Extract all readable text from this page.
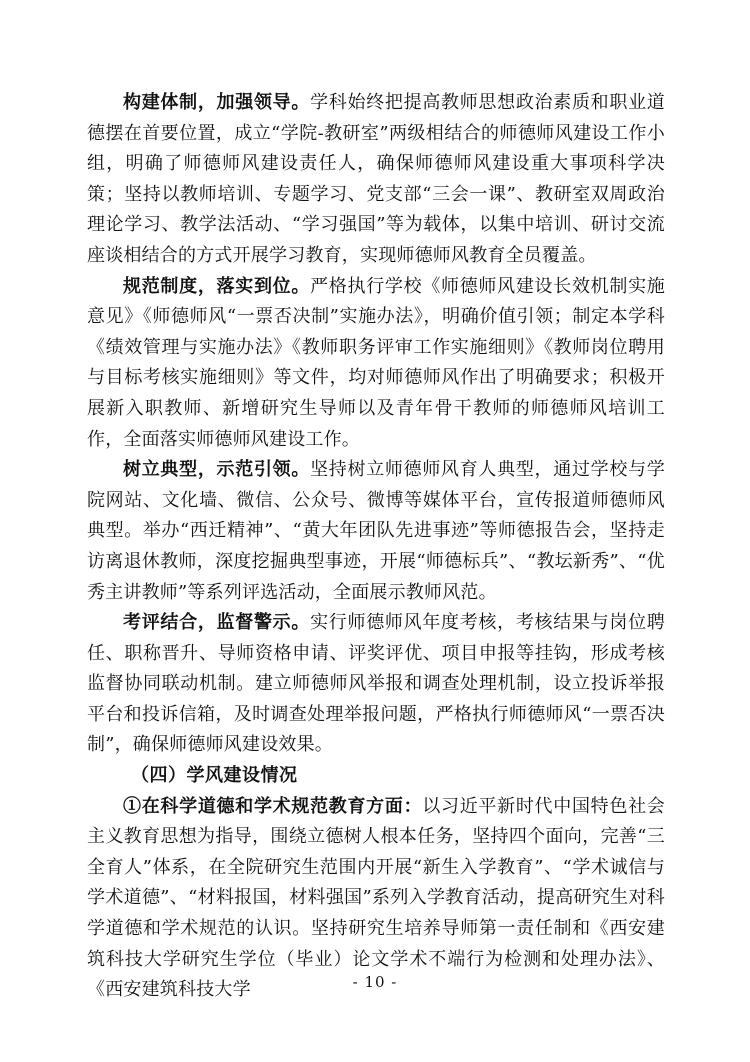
构建体制，加强领导。学科始终把提高教师思想政治素质和职业道德摆在首要位置，成立“学院-教研室”两级相结合的师德师风建设工作小组，明确了师德师风建设责任人，确保师德师风建设重大事项科学决策；坚持以教师培训、专题学习、党支部“三会一课”、教研室双周政治理论学习、教学法活动、“学习强国”等为载体，以集中培训、研讨交流座谈相结合的方式开展学习教育，实现师德师风教育全员覆盖。

规范制度，落实到位。严格执行学校《师德师风建设长效机制实施意见》《师德师风“一票否决制”实施办法》，明确价值引领；制定本学科《绩效管理与实施办法》《教师职务评审工作实施细则》《教师岗位聘用与目标考核实施细则》等文件，均对师德师风作出了明确要求；积极开展新入职教师、新增研究生导师以及青年骨干教师的师德师风培训工作，全面落实师德师风建设工作。

树立典型，示范引领。坚持树立师德师风育人典型，通过学校与学院网站、文化墙、微信、公众号、微博等媒体平台，宣传报道师德师风典型。举办“西迁精神”、“黄大年团队先进事迹”等师德报告会，坚持走访离退休教师，深度挖掘典型事迹，开展“师德标兵”、“教坛新秀”、“优秀主讲教师”等系列评选活动，全面展示教师风范。

考评结合，监督警示。实行师德师风年度考核，考核结果与岗位聘任、职称晋升、导师资格申请、评奖评优、项目申报等挂钩，形成考核监督协同联动机制。建立师德师风举报和调查处理机制，设立投诉举报平台和投诉信箱，及时调查处理举报问题，严格执行师德师风“一票否决制”，确保师德师风建设效果。

（四）学风建设情况

①在科学道德和学术规范教育方面：以习近平新时代中国特色社会主义教育思想为指导，围绕立德树人根本任务，坚持四个面向，完善“三全育人”体系，在全院研究生范围内开展“新生入学教育”、“学术诚信与学术道德”、“材料报国，材料强国”系列入学教育活动，提高研究生对科学道德和学术规范的认识。坚持研究生培养导师第一责任制和《西安建筑科技大学研究生学位（毕业）论文学术不端行为检测和处理办法》、《西安建筑科技大学	- 10 -
